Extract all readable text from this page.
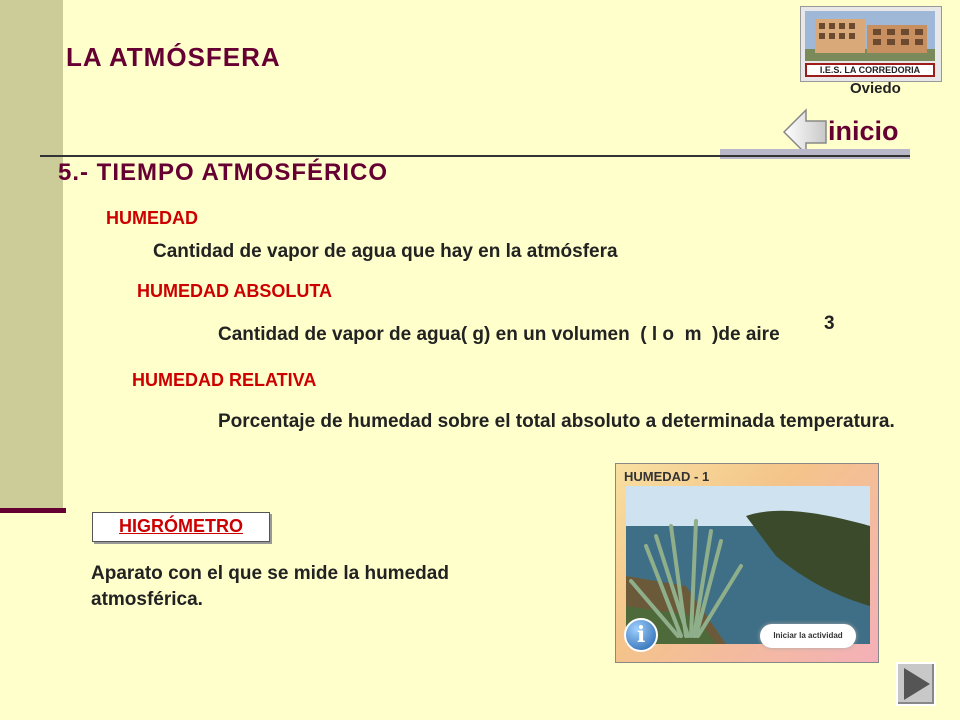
LA ATMÓSFERA	I.E.S. LA CORREDORIA
Oviedo
inicio
5.- TIEMPO ATMOSFÉRICO
HUMEDAD
Cantidad de vapor de agua que hay en la atmósfera
HUMEDAD ABSOLUTA
Cantidad de vapor de agua( g) en un volumen  ( l o  m  )de aire
3
HUMEDAD RELATIVA
Porcentaje de humedad sobre el total absoluto a determinada temperatura.
HIGRÓMETRO
Aparato con el que se mide la humedad atmosférica.
HUMEDAD - 1
i	Iniciar la actividad
